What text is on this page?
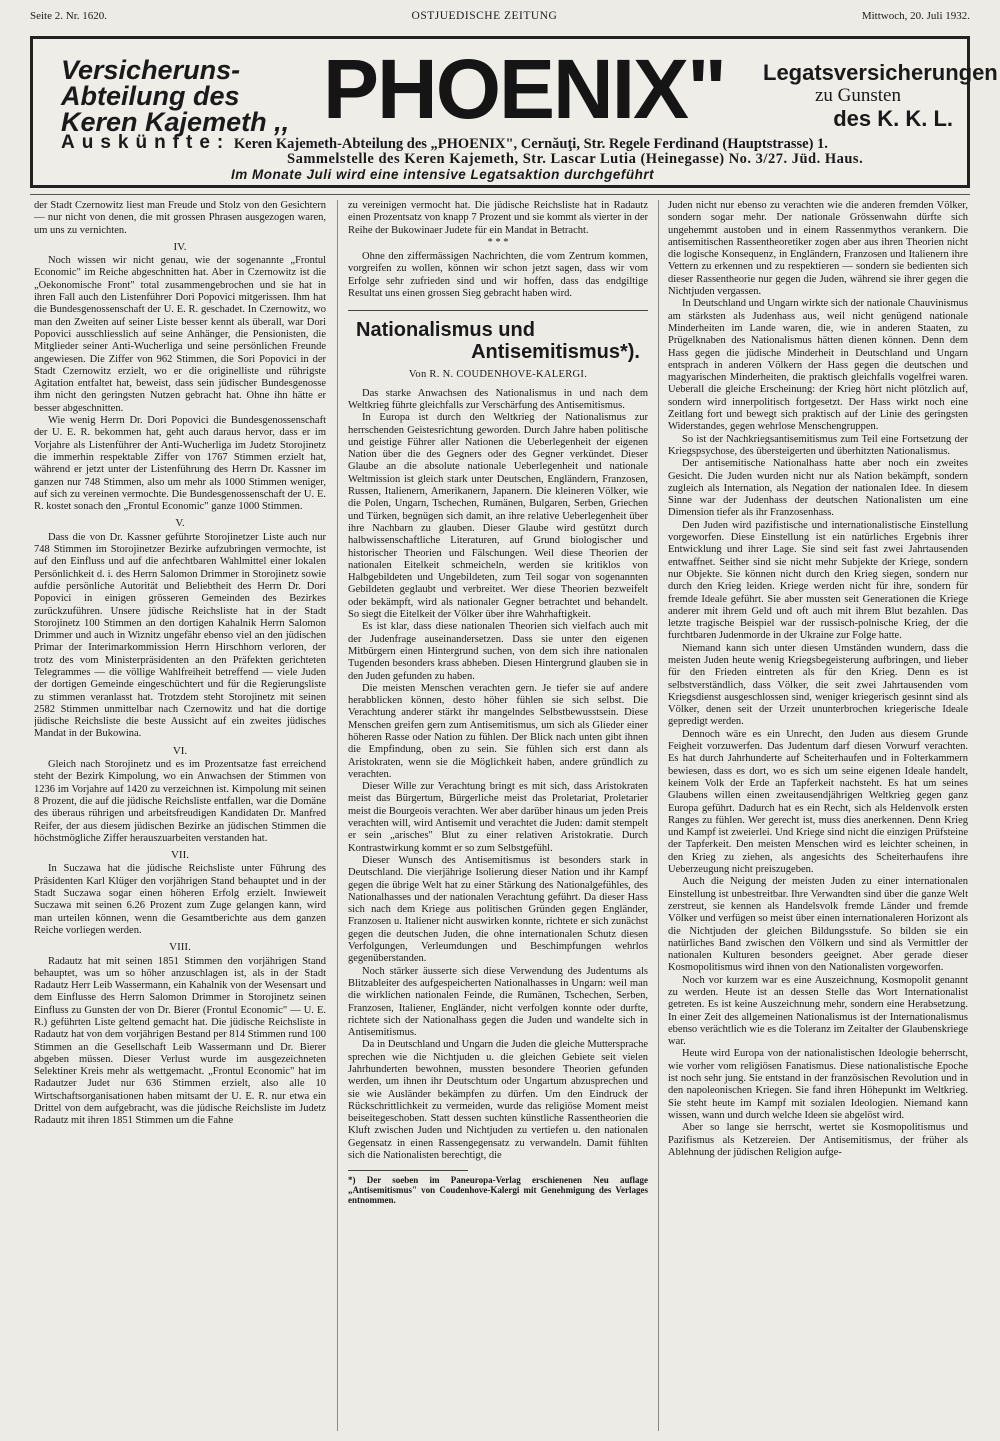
Seite 2. Nr. 1620.	OSTJUEDISCHE ZEITUNG	Mittwoch, 20. Juli 1932.
Versicheruns-
Abteilung des
Keren Kajemeth ,, PHOENIX" Legatsversicherungen
zu Gunsten
des K. K. L.
Auskünfte: Keren Kajemeth-Abteilung des „PHOENIX", Cernăuţi, Str. Regele Ferdinand (Hauptstrasse) 1.
Sammelstelle des Keren Kajemeth, Str. Lascar Lutia (Heinegasse) No. 3/27. Jüd. Haus.
Im Monate Juli wird eine intensive Legatsaktion durchgeführt

der Stadt Czernowitz liest man Freude und Stolz von den Gesichtern — nur nicht von denen, die mit grossen Phrasen ausgezogen waren, um uns zu vernichten.

IV.

Noch wissen wir nicht genau, wie der sogenannte „Frontul Economic" im Reiche abgeschnitten hat. Aber in Czernowitz ist die „Oekonomische Front" total zusammengebrochen und sie hat in ihren Fall auch den Listenführer Dori Popovici mitgerissen. Ihm hat die Bundesgenossenschaft der U. E. R. geschadet. In Czernowitz, wo man den Zweiten auf seiner Liste besser kennt als überall, war Dori Popovici ausschliesslich auf seine Anhänger, die Pensionisten, die Mitglieder seiner Anti-Wucherliga und seine persönlichen Freunde angewiesen. Die Ziffer von 962 Stimmen, die Sori Popovici in der Stadt Czernowitz erzielt, wo er die originelliste und rührigste Agitation entfaltet hat, beweist, dass sein jüdischer Bundesgenosse ihm nicht den geringsten Nutzen gebracht hat. Ohne ihn hätte er besser abgeschnitten.

Wie wenig Herrn Dr. Dori Popovici die Bundesgenossenschaft der U. E. R. bekommen hat, geht auch daraus hervor, dass er im Vorjahre als Listenführer der Anti-Wucherliga im Judetz Storojinetz die immerhin respektable Ziffer von 1767 Stimmen erzielt hat, während er jetzt unter der Listenführung des Herrn Dr. Kassner im ganzen nur 748 Stimmen, also um mehr als 1000 Stimmen weniger, auf sich zu vereinen vermochte. Die Bundesgenossenschaft der U. E. R. kostet sonach den „Frontul Economic" ganze 1000 Stimmen.

V.

Dass die von Dr. Kassner geführte Storojinetzer Liste auch nur 748 Stimmen im Storojinetzer Bezirke aufzubringen vermochte, ist auf den Einfluss und auf die anfechtbaren Wahlmittel einer lokalen Persönlichkeit d. i. des Herrn Salomon Drimmer in Storojinetz sowie aufdie persönliche Autorität und Beliebtheit des Herrn Dr. Dori Popovici in einigen grösseren Gemeinden des Bezirkes zurückzuführen. Unsere jüdische Reichsliste hat in der Stadt Storojinetz 100 Stimmen an den dortigen Kahalnik Herrn Salomon Drimmer und auch in Wiznitz ungefähr ebenso viel an den jüdischen Primar der Interimarkommission Herrn Hirschhorn verloren, der trotz des vom Ministerpräsidenten an den Präfekten gerichteten Telegrammes — die völlige Wahlfreiheit betreffend — viele Juden der dortigen Gemeinde eingeschüchtert und für die Regierungsliste zu stimmen veranlasst hat. Trotzdem steht Storojinetz mit seinen 2582 Stimmen unmittelbar nach Czernowitz und hat die dortige jüdische Reichsliste die beste Aussicht auf ein zweites jüdisches Mandat in der Bukowina.

VI.

Gleich nach Storojinetz und es im Prozentsatze fast erreichend steht der Bezirk Kimpolung, wo ein Anwachsen der Stimmen von 1236 im Vorjahre auf 1420 zu verzeichnen ist. Kimpolung mit seinen 8 Prozent, die auf die jüdische Reichsliste entfallen, war die Domäne des überaus rührigen und arbeitsfreudigen Kandidaten Dr. Manfred Reifer, der aus diesem jüdischen Bezirke an jüdischen Stimmen die höchstmögliche Ziffer herauszuarbeiten verstanden hat.

VII.

In Suczawa hat die jüdische Reichsliste unter Führung des Präsidenten Karl Klüger den vorjährigen Stand behauptet und in der Stadt Suczawa sogar einen höheren Erfolg erzielt. Inwieweit Suczawa mit seinen 6.26 Prozent zum Zuge gelangen kann, wird man urteilen können, wenn die Gesamtberichte aus dem ganzen Reiche vorliegen werden.

VIII.

Radautz hat mit seinen 1851 Stimmen den vorjährigen Stand behauptet, was um so höher anzuschlagen ist, als in der Stadt Radautz Herr Leib Wassermann, ein Kahalnik von der Wesensart und dem Einflusse des Herrn Salomon Drimmer in Storojinetz seinen Einfluss zu Gunsten der von Dr. Bierer (Frontul Economic" — U. E. R.) geführten Liste geltend gemacht hat. Die jüdische Reichsliste in Radautz hat von dem vorjährigen Bestand per 814 Stimmen rund 100 Stimmen an die Gesellschaft Leib Wassermann und Dr. Bierer abgeben müssen. Dieser Verlust wurde im ausgezeichneten Selektiner Kreis mehr als wettgemacht. „Frontul Economic" hat im Radautzer Judet nur 636 Stimmen erzielt, also alle 10 Wirtschaftsorganisationen haben mitsamt der U. E. R. nur etwa ein Drittel von dem aufgebracht, was die jüdische Reichsliste im Judetz Radautz mit ihren 1851 Stimmen um die Fahne

zu vereinigen vermocht hat. Die jüdische Reichsliste hat in Radautz einen Prozentsatz von knapp 7 Prozent und sie kommt als vierter in der Reihe der Bukowinaer Judete für ein Mandat in Betracht.

* * *

Ohne den ziffermässigen Nachrichten, die vom Zentrum kommen, vorgreifen zu wollen, können wir schon jetzt sagen, dass wir vom Erfolge sehr zufrieden sind und wir hoffen, dass das endgiltige Resultat uns einen grossen Sieg gebracht haben wird.

Nationalismus und
Antisemitismus*).
Von R. N. COUDENHOVE-KALERGI.

Das starke Anwachsen des Nationalismus in und nach dem Weltkrieg führte gleichfalls zur Verschärfung des Antisemitismus.

In Europa ist durch den Weltkrieg der Nationalismus zur herrschenden Geistesrichtung geworden. Durch Jahre haben politische und geistige Führer aller Nationen die Ueberlegenheit der eigenen Nation über die des Gegners oder des Gegner verkündet. Dieser Glaube an die absolute nationale Ueberlegenheit und nationale Weltmission ist gleich stark unter Deutschen, Engländern, Franzosen, Russen, Italienern, Amerikanern, Japanern. Die kleineren Völker, wie die Polen, Ungarn, Tschechen, Rumänen, Bulgaren, Serben, Griechen und Türken, begnügen sich damit, an ihre relative Ueberlegenheit über ihre Nachbarn zu glauben. Dieser Glaube wird gestützt durch halbwissenschaftliche Literaturen, auf Grund biologischer und historischer Theorien und Fälschungen. Weil diese Theorien der nationalen Eitelkeit schmeicheln, werden sie kritiklos von Halbgebildeten und Ungebildeten, zum Teil sogar von sogenannten Gebildeten geglaubt und verbreitet. Wer diese Theorien bezweifelt oder bekämpft, wird als nationaler Gegner betrachtet und behandelt. So siegt die Eitelkeit der Völker über ihre Wahrhaftigkeit.

Es ist klar, dass diese nationalen Theorien sich vielfach auch mit der Judenfrage auseinandersetzen. Dass sie unter den eigenen Mitbürgern einen Hintergrund suchen, von dem sich ihre nationalen Tugenden besonders krass abheben. Diesen Hintergrund glauben sie in den Juden gefunden zu haben.

Die meisten Menschen verachten gern. Je tiefer sie auf andere herabblicken können, desto höher fühlen sie sich selbst. Die Verachtung anderer stärkt ihr mangelndes Selbstbewusstsein. Diese Menschen greifen gern zum Antisemitismus, um sich als Glieder einer höheren Rasse oder Nation zu fühlen. Der Blick nach unten gibt ihnen die Empfindung, oben zu sein. Sie fühlen sich erst dann als Aristokraten, wenn sie die Möglichkeit haben, andere gründlich zu verachten.

Dieser Wille zur Verachtung bringt es mit sich, dass Aristokraten meist das Bürgertum, Bürgerliche meist das Proletariat, Proletarier meist die Bourgeois verachten. Wer aber darüber hinaus um jeden Preis verachten will, wird Antisemit und verachtet die Juden: damit stempelt er sein „arisches" Blut zu einer relativen Aristokratie. Durch Kontrastwirkung kommt er so zum Selbstgefühl.

Dieser Wunsch des Antisemitismus ist besonders stark in Deutschland. Die vierjährige Isolierung dieser Nation und ihr Kampf gegen die übrige Welt hat zu einer Stärkung des Nationalgefühles, des Nationalhasses und der nationalen Verachtung geführt. Da dieser Hass sich nach dem Kriege aus politischen Gründen gegen Engländer, Franzosen u. Italiener nicht auswirken konnte, richtete er sich zunächst gegen die deutschen Juden, die ohne internationalen Schutz diesen Verfolgungen, Verleumdungen und Beschimpfungen wehrlos gegenüberstanden.

Noch stärker äusserte sich diese Verwendung des Judentums als Blitzableiter des aufgespeicherten Nationalhasses in Ungarn: weil man die wirklichen nationalen Feinde, die Rumänen, Tschechen, Serben, Franzosen, Italiener, Engländer, nicht verfolgen konnte oder durfte, richtete sich der Nationalhass gegen die Juden und wandelte sich in Antisemitismus.

Da in Deutschland und Ungarn die Juden die gleiche Muttersprache sprechen wie die Nichtjuden u. die gleichen Gebiete seit vielen Jahrhunderten bewohnen, mussten besondere Theorien gefunden werden, um ihnen ihr Deutschtum oder Ungartum abzusprechen und sie wie Ausländer bekämpfen zu dürfen. Um den Eindruck der Rückschrittlichkeit zu vermeiden, wurde das religiöse Moment meist beiseitegeschoben. Statt dessen suchten künstliche Rassentheorien die Kluft zwischen Juden und Nichtjuden zu vertiefen u. den nationalen Gegensatz in einen Rassengegensatz zu verwandeln. Damit fühlten sich die Nationalisten berechtigt, die

*) Der soeben im Paneuropa-Verlag erschienenen Neu auflage „Antisemitismus" von Coudenhove-Kalergi mit Genehmigung des Verlages entnommen.

Juden nicht nur ebenso zu verachten wie die anderen fremden Völker, sondern sogar mehr. Der nationale Grössenwahn dürfte sich ungehemmt austoben und in einem Rassenmythos verankern. Die antisemitischen Rassentheoretiker zogen aber aus ihren Theorien nicht die logische Konsequenz, in Engländern, Franzosen und Italienern ihre Vettern zu erkennen und zu respektieren — sondern sie bedienten sich dieser Rassentheorie nur gegen die Juden, während sie ihrer gegen die Nichtjuden vergassen.

In Deutschland und Ungarn wirkte sich der nationale Chauvinismus am stärksten als Judenhass aus, weil nicht genügend nationale Minderheiten im Lande waren, die, wie in anderen Staaten, zu Prügelknaben des Nationalismus hätten dienen können. Denn dem Hass gegen die jüdische Minderheit in Deutschland und Ungarn entsprach in anderen Völkern der Hass gegen die deutschen und magyarischen Minderheiten, die praktisch gleichfalls vogelfrei waren. Ueberall die gleiche Erscheinung: der Krieg hört nicht plötzlich auf, sondern wird innerpolitisch fortgesetzt. Der Hass wirkt noch eine Zeitlang fort und bewegt sich praktisch auf der Linie des geringsten Widerstandes, gegen wehrlose Menschengruppen.

So ist der Nachkriegsantisemitismus zum Teil eine Fortsetzung der Kriegspsychose, des übersteigerten und überhitzten Nationalismus.

Der antisemitische Nationalhass hatte aber noch ein zweites Gesicht. Die Juden wurden nicht nur als Nation bekämpft, sondern zugleich als Internation, als Negation der nationalen Idee. In diesem Sinne war der Judenhass der deutschen Nationalisten um eine Dimension tiefer als ihr Franzosenhass.

Den Juden wird pazifistische und internationalistische Einstellung vorgeworfen. Diese Einstellung ist ein natürliches Ergebnis ihrer Entwicklung und ihrer Lage. Sie sind seit fast zwei Jahrtausenden entwaffnet. Seither sind sie nicht mehr Subjekte der Kriege, sondern nur Objekte. Sie können nicht durch den Krieg siegen, sondern nur durch den Krieg leiden. Kriege werden nicht für ihre, sondern für fremde Ideale geführt. Sie aber mussten seit Generationen die Kriege anderer mit ihrem Geld und oft auch mit ihrem Blut bezahlen. Das letzte tragische Beispiel war der russisch-polnische Krieg, der die furchtbaren Judenmorde in der Ukraine zur Folge hatte.

Niemand kann sich unter diesen Umständen wundern, dass die meisten Juden heute wenig Kriegsbegeisterung aufbringen, und lieber für den Frieden eintreten als für den Krieg. Denn es ist selbstverständlich, dass Völker, die seit zwei Jahrtausenden vom Kriegsdienst ausgeschlossen sind, weniger kriegerisch gesinnt sind als Völker, denen seit der Urzeit ununterbrochen kriegerische Ideale gepredigt werden.

Dennoch wäre es ein Unrecht, den Juden aus diesem Grunde Feigheit vorzuwerfen. Das Judentum darf diesen Vorwurf verachten. Es hat durch Jahrhunderte auf Scheiterhaufen und in Folterkammern bewiesen, dass es dort, wo es sich um seine eigenen Ideale handelt, keinem Volk der Erde an Tapferkeit nachsteht. Es hat um seines Glaubens willen einen zweitausendjährigen Weltkrieg gegen ganz Europa geführt. Dadurch hat es ein Recht, sich als Heldenvolk ersten Ranges zu fühlen. Wer gerecht ist, muss dies anerkennen. Denn Krieg und Kampf ist zweierlei. Und Kriege sind nicht die einzigen Prüfsteine der Tapferkeit. Den meisten Menschen wird es leichter scheinen, in den Krieg zu ziehen, als angesichts des Scheiterhaufens ihre Ueberzeugung nicht preiszugeben.

Auch die Neigung der meisten Juden zu einer internationalen Einstellung ist unbestreitbar. Ihre Verwandten sind über die ganze Welt zerstreut, sie kennen als Handelsvolk fremde Länder und fremde Völker und verfügen so meist über einen internationaleren Horizont als die Nichtjuden der gleichen Bildungsstufe. So bilden sie ein natürliches Band zwischen den Völkern und sind als Vermittler der nationalen Kulturen besonders geeignet. Aber gerade dieser Kosmopolitismus wird ihnen von den Nationalisten vorgeworfen.

Noch vor kurzem war es eine Auszeichnung, Kosmopolit genannt zu werden. Heute ist an dessen Stelle das Wort Internationalist getreten. Es ist keine Auszeichnung mehr, sondern eine Herabsetzung. In einer Zeit des allgemeinen Nationalismus ist der Internationalismus ebenso verächtlich wie es die Toleranz im Zeitalter der Glaubenskriege war.

Heute wird Europa von der nationalistischen Ideologie beherrscht, wie vorher vom religiösen Fanatismus. Diese nationalistische Epoche ist noch sehr jung. Sie entstand in der französischen Revolution und in den napoleonischen Kriegen. Sie fand ihren Höhepunkt im Weltkrieg. Sie steht heute im Kampf mit sozialen Ideologien. Niemand kann wissen, wann und durch welche Ideen sie abgelöst wird.

Aber so lange sie herrscht, wertet sie Kosmopolitismus und Pazifismus als Ketzereien. Der Antisemitismus, der früher als Ablehnung der jüdischen Religion aufge-
